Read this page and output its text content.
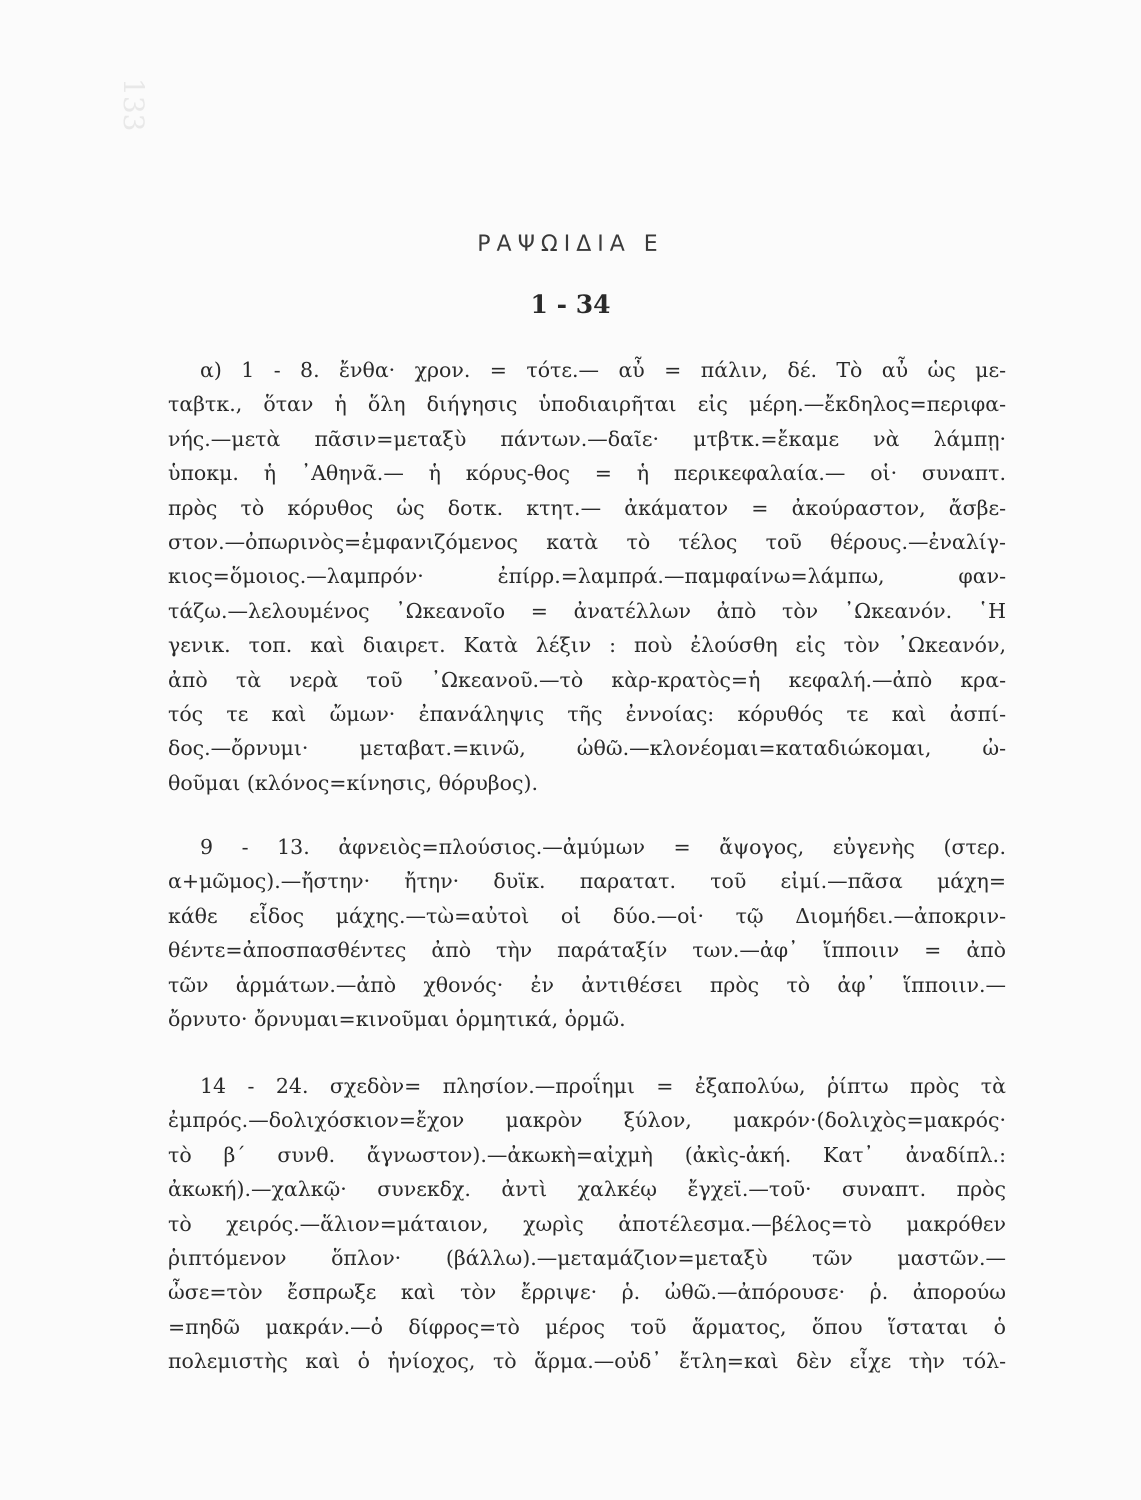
133
ΡΑΨΩΙΔΙΑ Ε
1 - 34
α) 1 - 8. ἔνθα· χρον. = τότε.— αὖ = πάλιν, δέ. Τὸ αὖ ὡς με-
ταβτκ., ὅταν ἡ ὅλη διήγησις ὑποδιαιρῆται εἰς μέρη.—ἔκδηλος=περιφα-
νής.—μετὰ πᾶσιν=μεταξὺ πάντων.—δαῖε· μτβτκ.=ἔκαμε νὰ λάμπῃ·
ὑποκμ. ἡ ᾿Αθηνᾶ.— ἡ κόρυς-θος = ἡ περικεφαλαία.— οἱ· συναπτ.
πρὸς τὸ κόρυθος ὡς δοτκ. κτητ.— ἀκάματον = ἀκούραστον, ἄσβε-
στον.—ὀπωρινὸς=ἐμφανιζόμενος κατὰ τὸ τέλος τοῦ θέρους.—ἐναλίγ-
κιος=ὅμοιος.—λαμπρόν· ἐπίρρ.=λαμπρά.—παμφαίνω=λάμπω, φαν-
τάζω.—λελουμένος ᾿Ωκεανοῖο = ἀνατέλλων ἀπὸ τὸν ᾿Ωκεανόν. ῾Η
γενικ. τοπ. καὶ διαιρετ. Κατὰ λέξιν : ποὺ ἐλούσθη εἰς τὸν ᾿Ωκεανόν,
ἀπὸ τὰ νερὰ τοῦ ᾿Ωκεανοῦ.—τὸ κὰρ-κρατὸς=ἡ κεφαλή.—ἀπὸ κρα-
τός τε καὶ ὤμων· ἐπανάληψις τῆς ἐννοίας: κόρυθός τε καὶ ἀσπί-
δος.—ὄρνυμι· μεταβατ.=κινῶ, ὠθῶ.—κλονέομαι=καταδιώκομαι, ὠ-
θοῦμαι (κλόνος=κίνησις, θόρυβος).
9 - 13. ἀφνειὸς=πλούσιος.—ἀμύμων = ἄψογος, εὐγενὴς (στερ.
α+μῶμος).—ἤστην· ἤτην· δυϊκ. παρατατ. τοῦ εἰμί.—πᾶσα μάχη=
κάθε εἶδος μάχης.—τὼ=αὐτοὶ οἱ δύο.—οἱ· τῷ Διομήδει.—ἀποκριν-
θέντε=ἀποσπασθέντες ἀπὸ τὴν παράταξίν των.—ἀφ᾽ ἵπποιιν = ἀπὸ
τῶν ἁρμάτων.—ἀπὸ χθονός· ἐν ἀντιθέσει πρὸς τὸ ἀφ᾽ ἵπποιιν.—
ὄρνυτο· ὄρνυμαι=κινοῦμαι ὁρμητικά, ὁρμῶ.
14 - 24. σχεδὸν= πλησίον.—προΐημι = ἐξαπολύω, ῥίπτω πρὸς τὰ
ἐμπρός.—δολιχόσκιον=ἔχον μακρὸν ξύλον, μακρόν·(δολιχὸς=μακρός·
τὸ β´ συνθ. ἄγνωστον).—ἀκωκὴ=αἰχμὴ (ἀκὶς-ἀκή. Κατ᾽ ἀναδίπλ.:
ἀκωκή).—χαλκῷ· συνεκδχ. ἀντὶ χαλκέῳ ἔγχεϊ.—τοῦ· συναπτ. πρὸς
τὸ χειρός.—ἅλιον=μάταιον, χωρὶς ἀποτέλεσμα.—βέλος=τὸ μακρόθεν
ῥιπτόμενον ὅπλον· (βάλλω).—μεταμάζιον=μεταξὺ τῶν μαστῶν.—
ὦσε=τὸν ἔσπρωξε καὶ τὸν ἔρριψε· ῥ. ὠθῶ.—ἀπόρουσε· ῥ. ἀπορούω
=πηδῶ μακράν.—ὁ δίφρος=τὸ μέρος τοῦ ἅρματος, ὅπου ἵσταται ὁ
πολεμιστὴς καὶ ὁ ἡνίοχος, τὸ ἅρμα.—οὐδ᾽ ἔτλη=καὶ δὲν εἶχε τὴν τόλ-
